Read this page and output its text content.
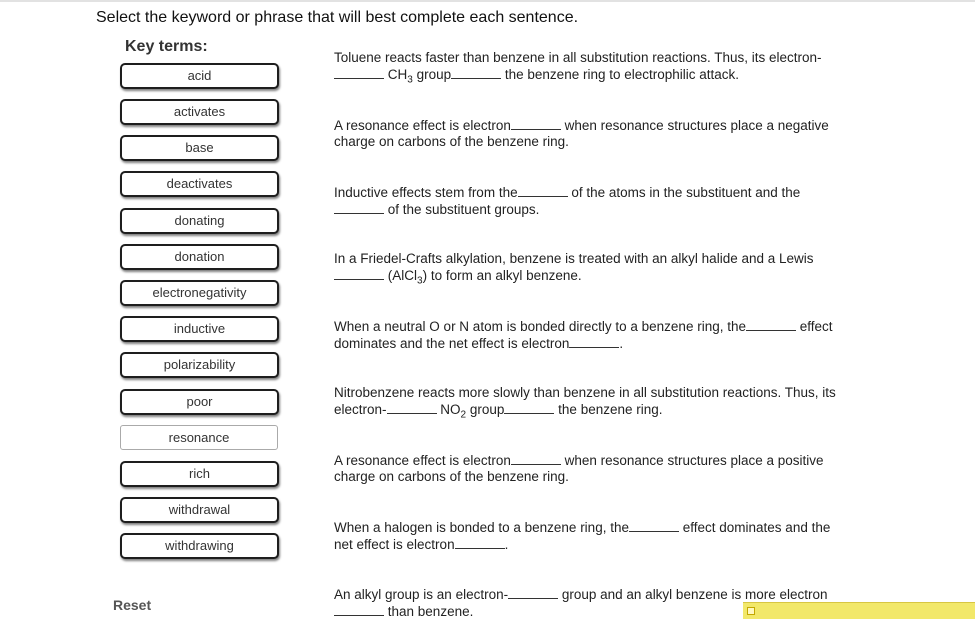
Select the keyword or phrase that will best complete each sentence.
Key terms:
acid
activates
base
deactivates
donating
donation
electronegativity
inductive
polarizability
poor
resonance
rich
withdrawal
withdrawing
Reset
Toluene reacts faster than benzene in all substitution reactions. Thus, its electron-
$CH_3$ group	the benzene ring to electrophilic attack.
A resonance effect is electron	when resonance structures place a negative
charge on carbons of the benzene ring.
Inductive effects stem from the	of the atoms in the substituent and the
of the substituent groups.
In a Friedel-Crafts alkylation, benzene is treated with an alkyl halide and a Lewis
(AlCl$_3$) to form an alkyl benzene.
When a neutral O or N atom is bonded directly to a benzene ring, the	effect
dominates and the net effect is electron	.
Nitrobenzene reacts more slowly than benzene in all substitution reactions. Thus, its
electron-	$NO_2$ group	the benzene ring.
A resonance effect is electron	when resonance structures place a positive
charge on carbons of the benzene ring.
When a halogen is bonded to a benzene ring, the	effect dominates and the
net effect is electron	.
An alkyl group is an electron-	group and an alkyl benzene is more electron
than benzene.
